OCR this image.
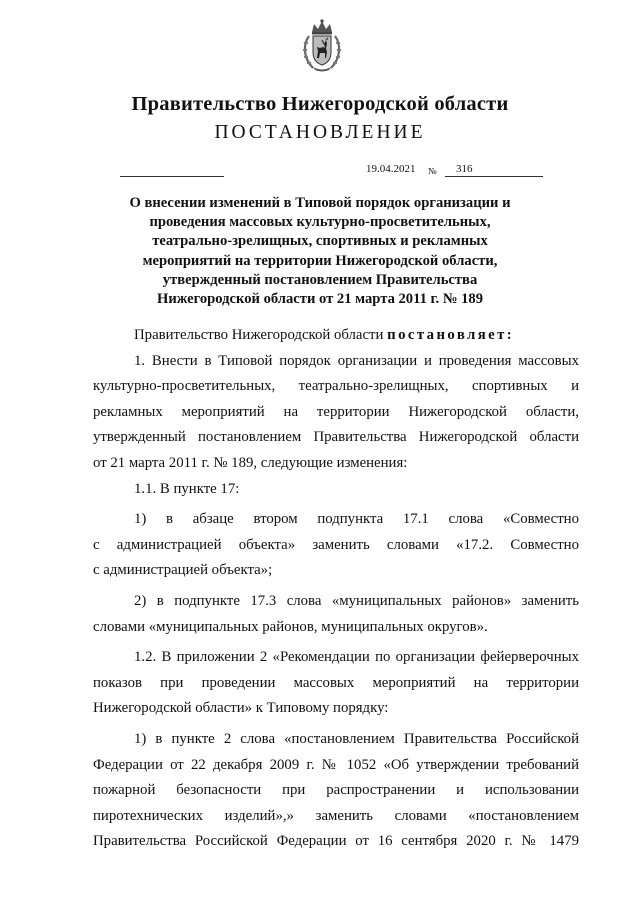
Правительство Нижегородской области
ПОСТАНОВЛЕНИЕ
19.04.2021 № 316
О внесении изменений в Типовой порядок организации и
проведения массовых культурно-просветительных,
театрально-зрелищных, спортивных и рекламных
мероприятий на территории Нижегородской области,
утвержденный постановлением Правительства
Нижегородской области от 21 марта 2011 г. № 189
Правительство Нижегородской области постановляет:
1. Внести в Типовой порядок организации и проведения массовых
культурно-просветительных, театрально-зрелищных, спортивных и
рекламных мероприятий на территории Нижегородской области,
утвержденный постановлением Правительства Нижегородской области
от 21 марта 2011 г. № 189, следующие изменения:
1.1. В пункте 17:
1) в абзаце втором подпункта 17.1 слова «Совместно
с администрацией объекта» заменить словами «17.2. Совместно
с администрацией объекта»;
2) в подпункте 17.3 слова «муниципальных районов» заменить
словами «муниципальных районов, муниципальных округов».
1.2. В приложении 2 «Рекомендации по организации фейерверочных
показов при проведении массовых мероприятий на территории
Нижегородской области» к Типовому порядку:
1) в пункте 2 слова «постановлением Правительства Российской
Федерации от 22 декабря 2009 г. № 1052 «Об утверждении требований
пожарной безопасности при распространении и использовании
пиротехнических изделий»,» заменить словами «постановлением
Правительства Российской Федерации от 16 сентября 2020 г. № 1479
